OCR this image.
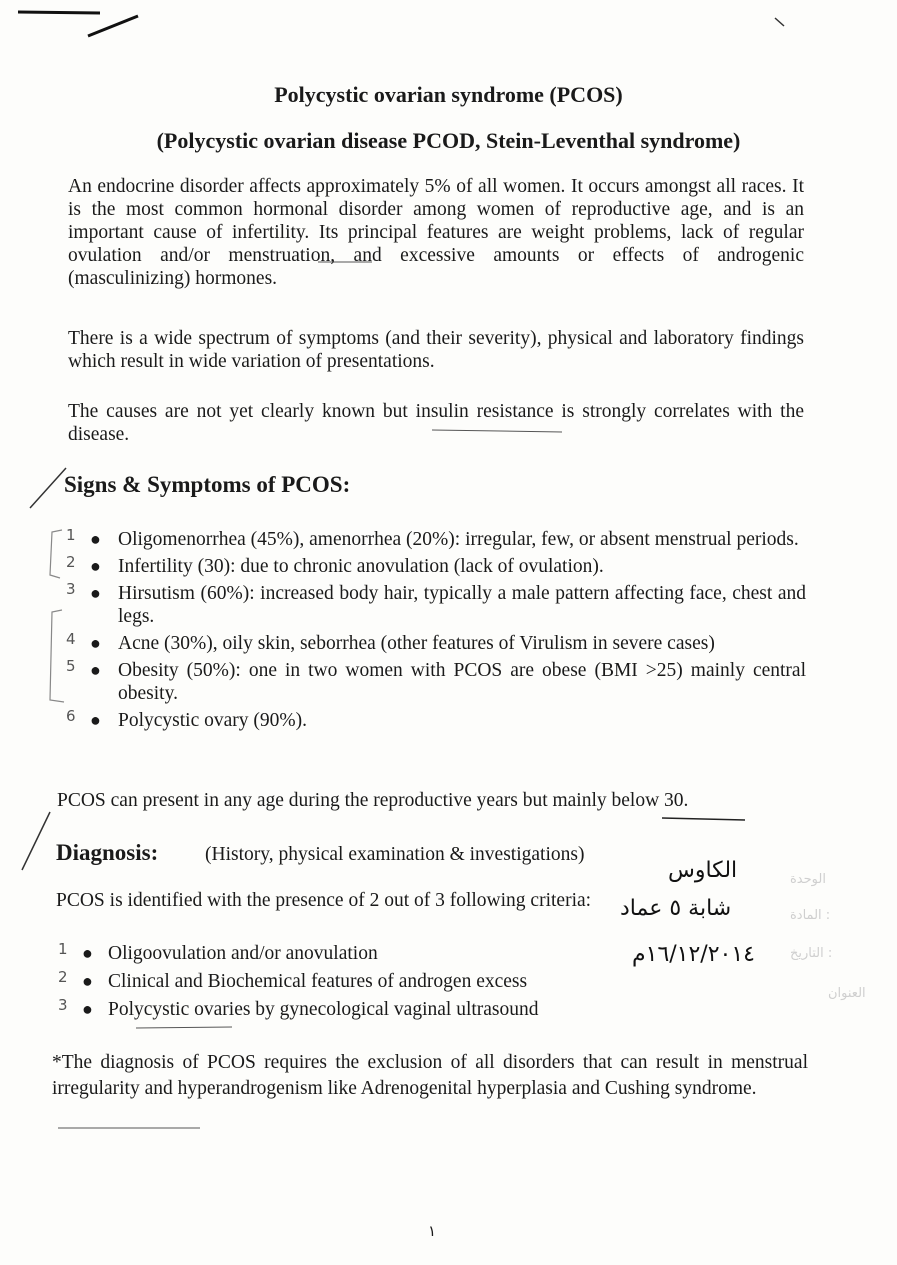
Polycystic ovarian syndrome (PCOS)
(Polycystic ovarian disease PCOD, Stein-Leventhal syndrome)
An endocrine disorder affects approximately 5% of all women. It occurs amongst all races. It is the most common hormonal disorder among women of reproductive age, and is an important cause of infertility. Its principal features are weight problems, lack of regular ovulation and/or menstruation, and excessive amounts or effects of androgenic (masculinizing) hormones.
There is a wide spectrum of symptoms (and their severity), physical and laboratory findings which result in wide variation of presentations.
The causes are not yet clearly known but insulin resistance is strongly correlates with the disease.
Signs & Symptoms of PCOS:
1 ● Oligomenorrhea (45%), amenorrhea (20%): irregular, few, or absent menstrual periods.
2 ● Infertility (30): due to chronic anovulation (lack of ovulation).
3 ● Hirsutism (60%): increased body hair, typically a male pattern affecting face, chest and legs.
4 ● Acne (30%), oily skin, seborrhea (other features of Virulism in severe cases)
5 ● Obesity (50%): one in two women with PCOS are obese (BMI >25) mainly central obesity.
6 ● Polycystic ovary (90%).
PCOS can present in any age during the reproductive years but mainly below 30.
Diagnosis: (History, physical examination & investigations)
PCOS is identified with the presence of 2 out of 3 following criteria:
1 ● Oligoovulation and/or anovulation
2 ● Clinical and Biochemical features of androgen excess
3 ● Polycystic ovaries by gynecological vaginal ultrasound
الكاوس
شابة ٥ عماد
١٦/١٢/٢٠١٤م
الوحدة
المادة :
التاريخ :
العنوان
*The diagnosis of PCOS requires the exclusion of all disorders that can result in menstrual irregularity and hyperandrogenism like Adrenogenital hyperplasia and Cushing syndrome.
١
